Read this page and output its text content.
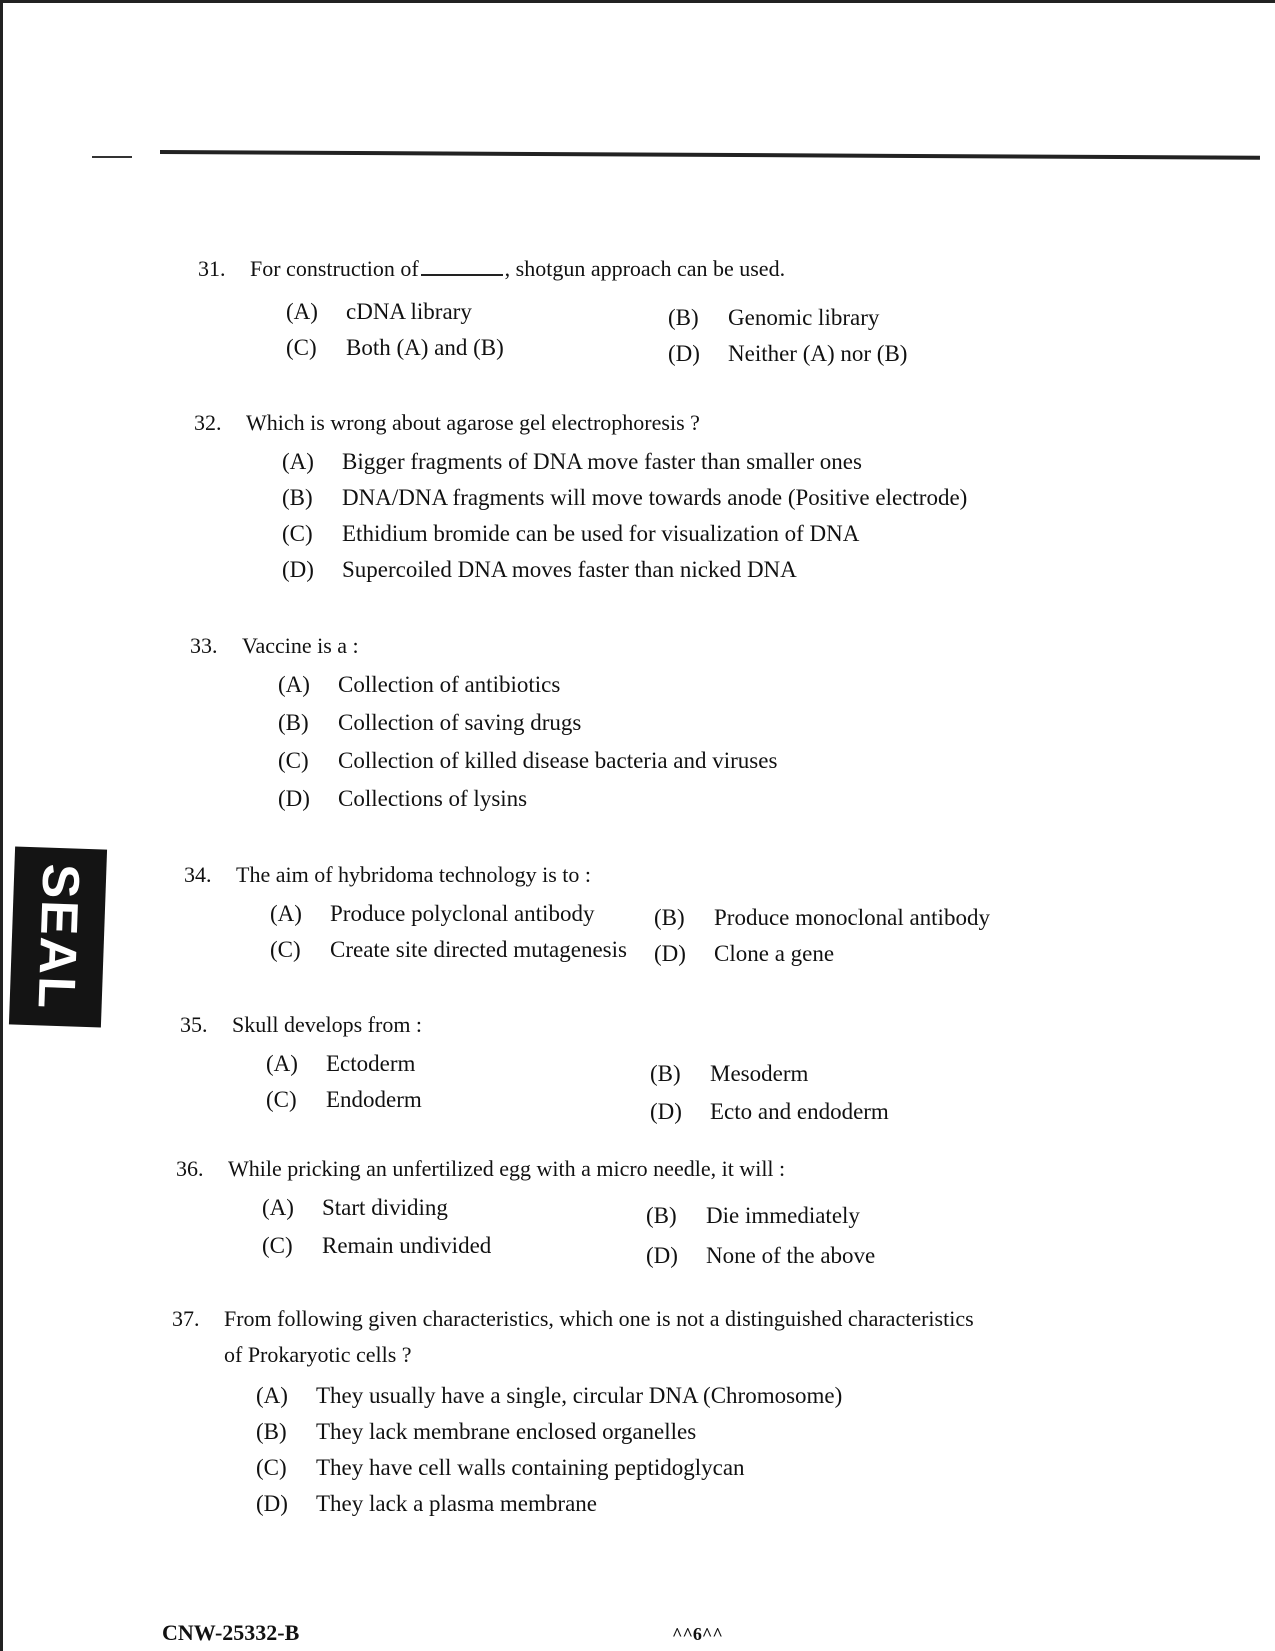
31. For construction of	, shotgun approach can be used.
(A) cDNA library	(B) Genomic library
(C) Both (A) and (B)	(D) Neither (A) nor (B)
32. Which is wrong about agarose gel electrophoresis ?
(A) Bigger fragments of DNA move faster than smaller ones
(B) DNA/DNA fragments will move towards anode (Positive electrode)
(C) Ethidium bromide can be used for visualization of DNA
(D) Supercoiled DNA moves faster than nicked DNA
33. Vaccine is a :
(A) Collection of antibiotics
(B) Collection of saving drugs
(C) Collection of killed disease bacteria and viruses
(D) Collections of lysins
34. The aim of hybridoma technology is to :
(A) Produce polyclonal antibody	(B) Produce monoclonal antibody
(C) Create site directed mutagenesis (D) Clone a gene
35. Skull develops from :
(A) Ectoderm	(B) Mesoderm
(C) Endoderm	(D) Ecto and endoderm
36. While pricking an unfertilized egg with a micro needle, it will :
(A) Start dividing	(B) Die immediately
(C) Remain undivided	(D) None of the above
37. From following given characteristics, which one is not a distinguished characteristics
of Prokaryotic cells ?
(A) They usually have a single, circular DNA (Chromosome)
(B) They lack membrane enclosed organelles
(C) They have cell walls containing peptidoglycan
(D) They lack a plasma membrane
SEAL
CNW-25332-B	^^6^^
